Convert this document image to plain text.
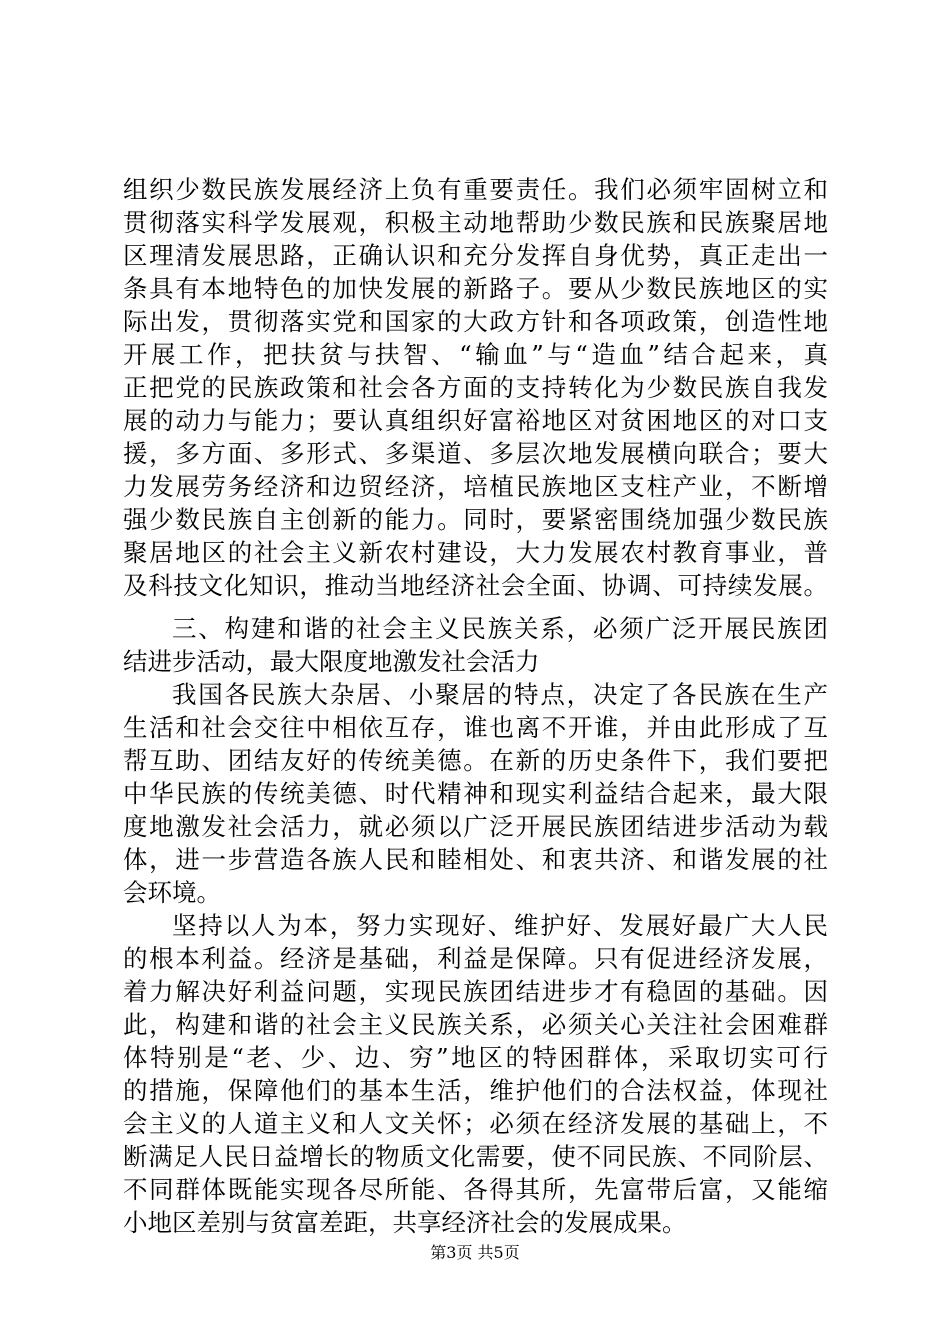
组织少数民族发展经济上负有重要责任。我们必须牢固树立和
贯彻落实科学发展观，积极主动地帮助少数民族和民族聚居地
区理清发展思路，正确认识和充分发挥自身优势，真正走出一
条具有本地特色的加快发展的新路子。要从少数民族地区的实
际出发，贯彻落实党和国家的大政方针和各项政策，创造性地
开展工作，把扶贫与扶智、“输血”与“造血”结合起来，真
正把党的民族政策和社会各方面的支持转化为少数民族自我发
展的动力与能力；要认真组织好富裕地区对贫困地区的对口支
援，多方面、多形式、多渠道、多层次地发展横向联合；要大
力发展劳务经济和边贸经济，培植民族地区支柱产业，不断增
强少数民族自主创新的能力。同时，要紧密围绕加强少数民族
聚居地区的社会主义新农村建设，大力发展农村教育事业，普
及科技文化知识，推动当地经济社会全面、协调、可持续发展。
三、构建和谐的社会主义民族关系，必须广泛开展民族团
结进步活动，最大限度地激发社会活力
我国各民族大杂居、小聚居的特点，决定了各民族在生产
生活和社会交往中相依互存，谁也离不开谁，并由此形成了互
帮互助、团结友好的传统美德。在新的历史条件下，我们要把
中华民族的传统美德、时代精神和现实利益结合起来，最大限
度地激发社会活力，就必须以广泛开展民族团结进步活动为载
体，进一步营造各族人民和睦相处、和衷共济、和谐发展的社
会环境。
坚持以人为本，努力实现好、维护好、发展好最广大人民
的根本利益。经济是基础，利益是保障。只有促进经济发展，
着力解决好利益问题，实现民族团结进步才有稳固的基础。因
此，构建和谐的社会主义民族关系，必须关心关注社会困难群
体特别是“老、少、边、穷”地区的特困群体，采取切实可行
的措施，保障他们的基本生活，维护他们的合法权益，体现社
会主义的人道主义和人文关怀；必须在经济发展的基础上，不
断满足人民日益增长的物质文化需要，使不同民族、不同阶层、
不同群体既能实现各尽所能、各得其所，先富带后富，又能缩
小地区差别与贫富差距，共享经济社会的发展成果。
第3页 共5页
